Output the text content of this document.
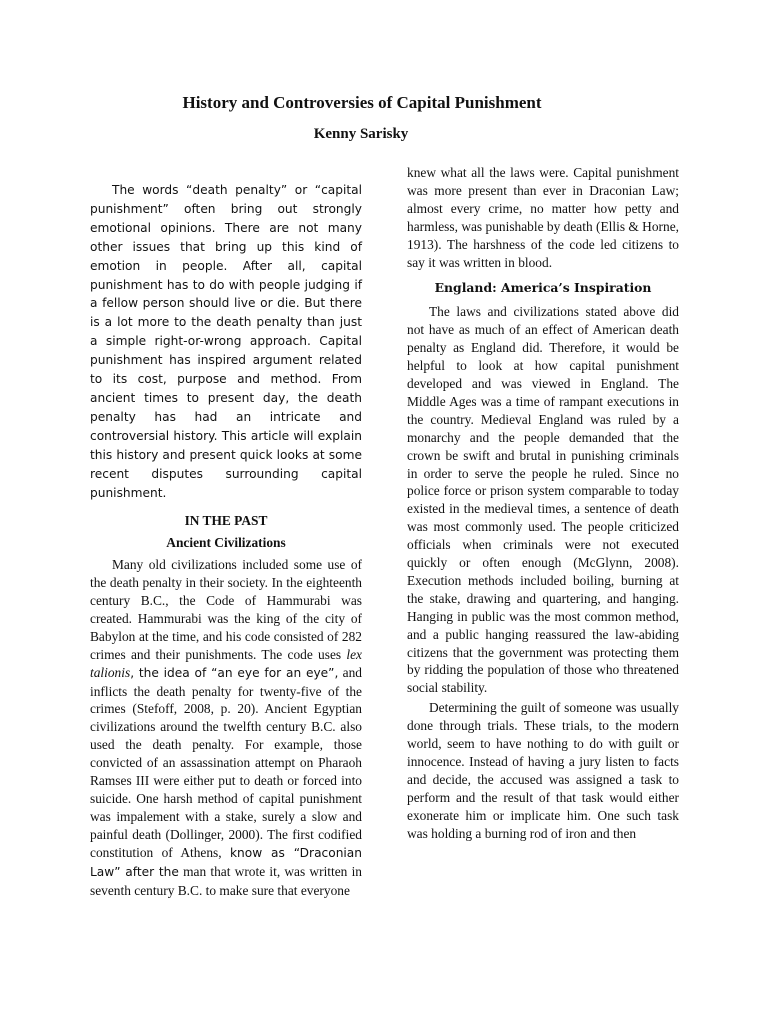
History and Controversies of Capital Punishment
Kenny Sarisky

The words “death penalty” or “capital punishment” often bring out strongly emotional opinions. There are not many other issues that bring up this kind of emotion in people. After all, capital punishment has to do with people judging if a fellow person should live or die. But there is a lot more to the death penalty than just a simple right-or-wrong approach. Capital punishment has inspired argument related to its cost, purpose and method. From ancient times to present day, the death penalty has had an intricate and controversial history. This article will explain this history and present quick looks at some recent disputes surrounding capital punishment.

IN THE PAST

Ancient Civilizations

Many old civilizations included some use of the death penalty in their society. In the eighteenth century B.C., the Code of Hammurabi was created. Hammurabi was the king of the city of Babylon at the time, and his code consisted of 282 crimes and their punishments. The code uses lex talionis, the idea of “an eye for an eye”, and inflicts the death penalty for twenty-five of the crimes (Stefoff, 2008, p. 20). Ancient Egyptian civilizations around the twelfth century B.C. also used the death penalty. For example, those convicted of an assassination attempt on Pharaoh Ramses III were either put to death or forced into suicide. One harsh method of capital punishment was impalement with a stake, surely a slow and painful death (Dollinger, 2000). The first codified constitution of Athens, know as “Draconian Law” after the man that wrote it, was written in seventh century B.C. to make sure that everyone

knew what all the laws were. Capital punishment was more present than ever in Draconian Law; almost every crime, no matter how petty and harmless, was punishable by death (Ellis & Horne, 1913). The harshness of the code led citizens to say it was written in blood.

England: America’s Inspiration

The laws and civilizations stated above did not have as much of an effect of American death penalty as England did. Therefore, it would be helpful to look at how capital punishment developed and was viewed in England. The Middle Ages was a time of rampant executions in the country. Medieval England was ruled by a monarchy and the people demanded that the crown be swift and brutal in punishing criminals in order to serve the people he ruled. Since no police force or prison system comparable to today existed in the medieval times, a sentence of death was most commonly used. The people criticized officials when criminals were not executed quickly or often enough (McGlynn, 2008). Execution methods included boiling, burning at the stake, drawing and quartering, and hanging. Hanging in public was the most common method, and a public hanging reassured the law-abiding citizens that the government was protecting them by ridding the population of those who threatened social stability.

Determining the guilt of someone was usually done through trials. These trials, to the modern world, seem to have nothing to do with guilt or innocence. Instead of having a jury listen to facts and decide, the accused was assigned a task to perform and the result of that task would either exonerate him or implicate him. One such task was holding a burning rod of iron and then
